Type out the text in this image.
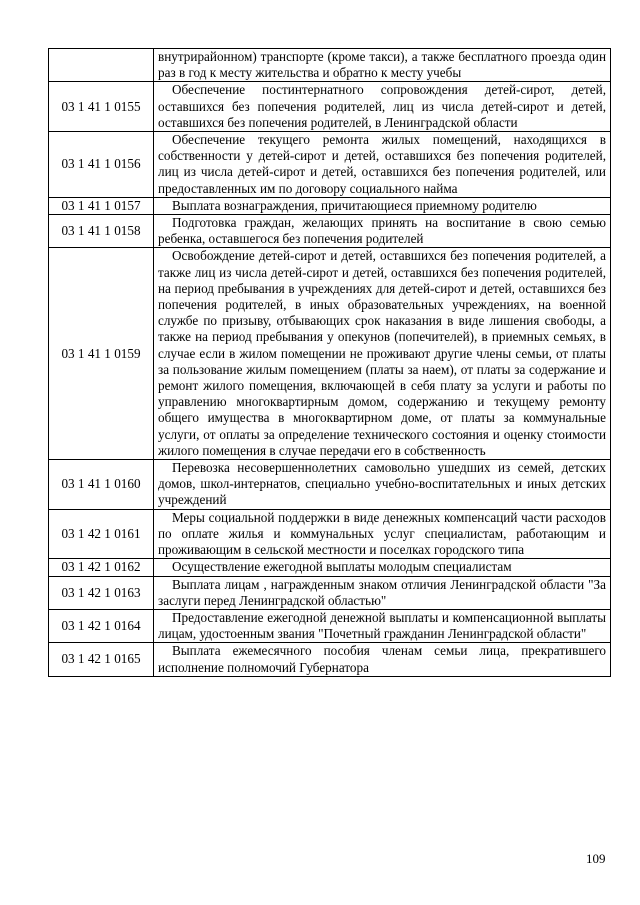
	внутрирайонном) транспорте (кроме такси), а также бесплатного проезда один раз в год к месту жительства и обратно к месту учебы
03 1 41 1 0155	Обеспечение постинтернатного сопровождения детей-сирот, детей, оставшихся без попечения родителей, лиц из числа детей-сирот и детей, оставшихся без попечения родителей, в Ленинградской области
03 1 41 1 0156	Обеспечение текущего ремонта жилых помещений, находящихся в собственности у детей-сирот и детей, оставшихся без попечения родителей, лиц из числа детей-сирот и детей, оставшихся без попечения родителей, или предоставленных им по договору социального найма
03 1 41 1 0157	Выплата вознаграждения, причитающиеся приемному родителю
03 1 41 1 0158	Подготовка граждан, желающих принять на воспитание в свою семью ребенка, оставшегося без попечения родителей
03 1 41 1 0159	Освобождение детей-сирот и детей, оставшихся без попечения родителей, а также лиц из числа детей-сирот и детей, оставшихся без попечения родителей, на период пребывания в учреждениях для детей-сирот и детей, оставшихся без попечения родителей, в иных образовательных учреждениях, на военной службе по призыву, отбывающих срок наказания в виде лишения свободы, а также на период пребывания у опекунов (попечителей), в приемных семьях, в случае если в жилом помещении не проживают другие члены семьи, от платы за пользование жилым помещением (платы за наем), от платы за содержание и ремонт жилого помещения, включающей в себя плату за услуги и работы по управлению многоквартирным домом, содержанию и текущему ремонту общего имущества в многоквартирном доме, от платы за коммунальные услуги, от оплаты за определение технического состояния и оценку стоимости жилого помещения в случае передачи его в собственность
03 1 41 1 0160	Перевозка несовершеннолетних самовольно ушедших из семей, детских домов, школ-интернатов, специально учебно-воспитательных и иных детских учреждений
03 1 42 1 0161	Меры социальной поддержки в виде денежных компенсаций части расходов по оплате жилья и коммунальных услуг специалистам, работающим и проживающим в сельской местности и поселках городского типа
03 1 42 1 0162	Осуществление ежегодной выплаты молодым специалистам
03 1 42 1 0163	Выплата лицам , награжденным знаком отличия Ленинградской области "За заслуги перед Ленинградской областью"
03 1 42 1 0164	Предоставление ежегодной денежной выплаты и компенсационной выплаты лицам, удостоенным звания "Почетный гражданин Ленинградской области"
03 1 42 1 0165	Выплата ежемесячного пособия членам семьи лица, прекратившего исполнение полномочий Губернатора
109
